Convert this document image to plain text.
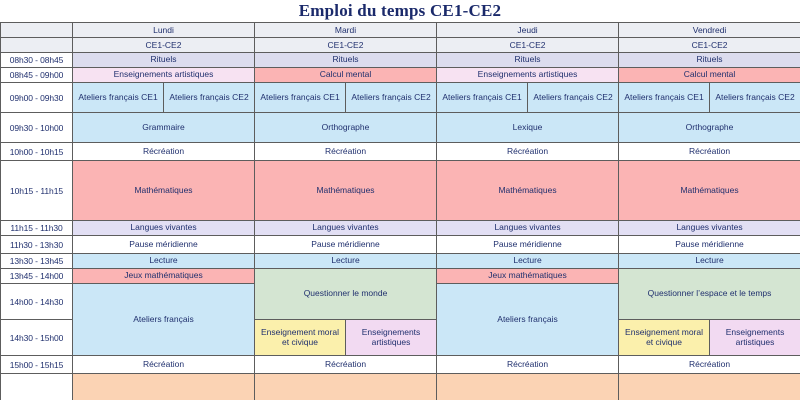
Emploi du temps CE1-CE2
	Lundi		Mardi		Jeudi		Vendredi	
	CE1-CE2		CE1-CE2		CE1-CE2		CE1-CE2	
08h30 - 08h45	Rituels		Rituels		Rituels		Rituels	

08h45 - 09h00	Enseignements artistiques		Calcul mental		Enseignements artistiques		Calcul mental	

09h00 - 09h30	Ateliers français CE1	Ateliers français CE2	Ateliers français CE1	Ateliers français CE2	Ateliers français CE1	Ateliers français CE2	Ateliers français CE1	Ateliers français CE2

09h30 - 10h00	Grammaire		Orthographe		Lexique		Orthographe	

10h00 - 10h15	Récréation		Récréation		Récréation		Récréation	

10h15 - 11h15	Mathématiques		Mathématiques		Mathématiques		Mathématiques	

11h15 - 11h30	Langues vivantes		Langues vivantes		Langues vivantes		Langues vivantes	

11h30 - 13h30	Pause méridienne		Pause méridienne		Pause méridienne		Pause méridienne	

13h30 - 13h45	Lecture		Lecture		Lecture		Lecture	

13h45 - 14h00	Jeux mathématiques		Questionner le monde		Jeux mathématiques		Questionner l’espace et le temps	

14h00 - 14h30	Ateliers français				Ateliers français			

14h30 - 15h00			Enseignement moral et civique	Enseignements artistiques			Enseignement moral et civique	Enseignements artistiques

15h00 - 15h15	Récréation		Récréation		Récréation		Récréation	
